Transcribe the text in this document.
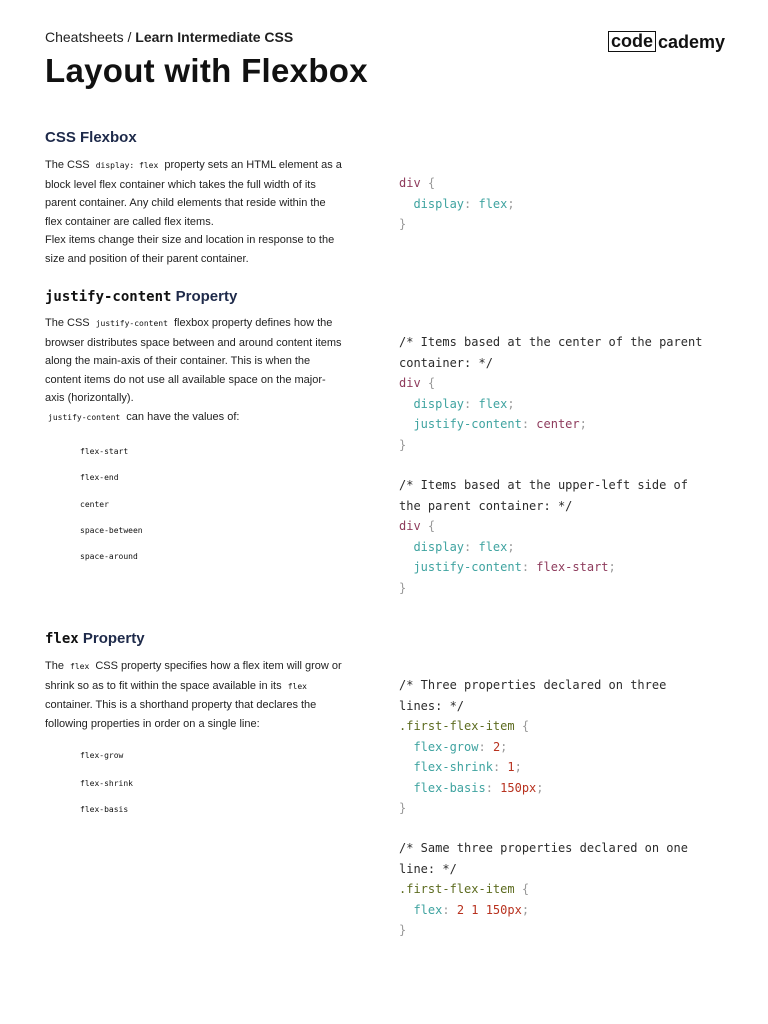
Cheatsheets / Learn Intermediate CSS
Layout with Flexbox
code cademy
CSS Flexbox

The CSS display: flex property sets an HTML element as a block level flex container which takes the full width of its parent container. Any child elements that reside within the flex container are called flex items.
Flex items change their size and location in response to the size and position of their parent container.

div {
display: flex;
}
justify-content Property

The CSS justify-content flexbox property defines how the browser distributes space between and around content items along the main-axis of their container. This is when the content items do not use all available space on the major-axis (horizontally).
justify-content can have the values of:

flex-start
flex-end
center
space-between
space-around
/* Items based at the center of the parent
container: */
div {
display: flex;
justify-content: center;
}
/* Items based at the upper-left side of
the parent container: */
div {
display: flex;
justify-content: flex-start;
}
flex Property

The flex CSS property specifies how a flex item will grow or shrink so as to fit within the space available in its flex container. This is a shorthand property that declares the following properties in order on a single line:

flex-grow
flex-shrink
flex-basis
/* Three properties declared on three
lines: */
.first-flex-item {
flex-grow: 2;
flex-shrink: 1;
flex-basis: 150px;
}
/* Same three properties declared on one
line: */
.first-flex-item {
flex: 2 1 150px;
}
